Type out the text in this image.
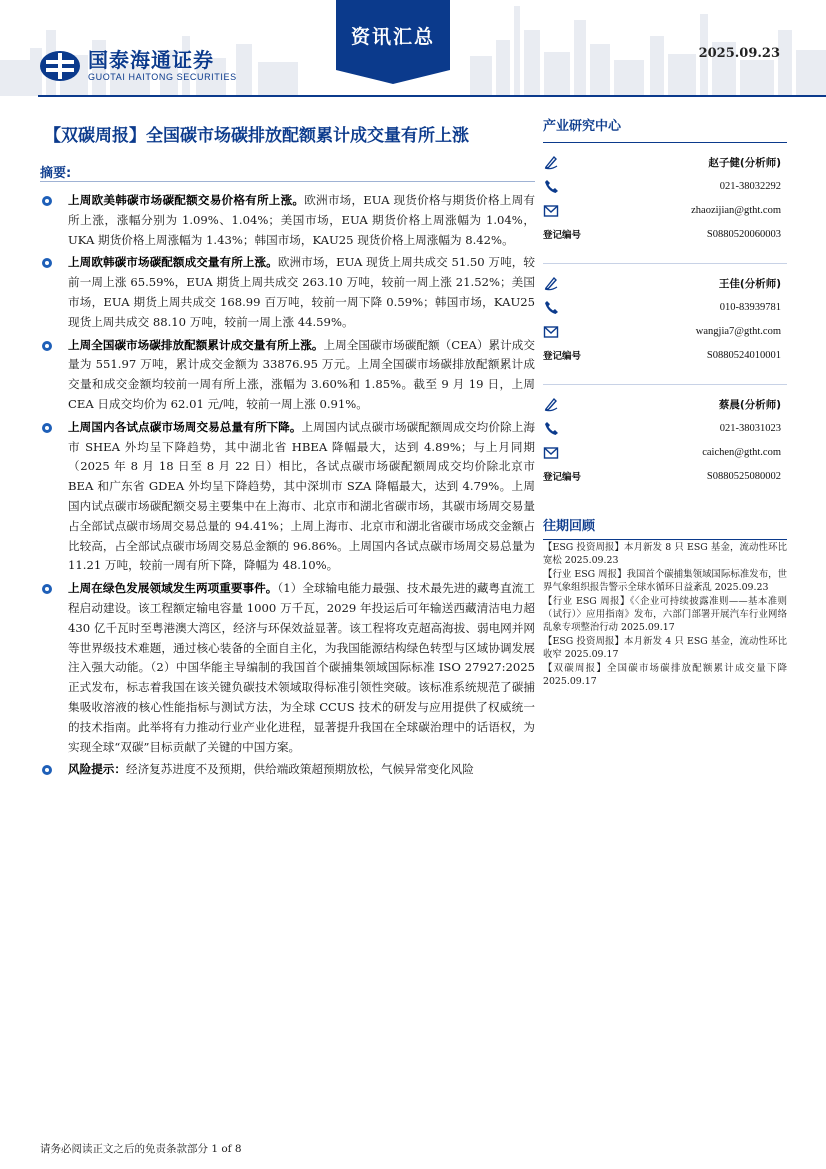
国泰海通证券
GUOTAI HAITONG SECURITIES
资讯汇总
2025.09.23
【双碳周报】全国碳市场碳排放配额累计成交量有所上涨
摘要:
上周欧美韩碳市场碳配额交易价格有所上涨。欧洲市场，EUA 现货价格与期货价格上周有所上涨，涨幅分别为 1.09%、1.04%；美国市场，EUA 期货价格上周涨幅为 1.04%，UKA 期货价格上周涨幅为 1.43%；韩国市场，KAU25 现货价格上周涨幅为 8.42%。
上周欧韩碳市场碳配额成交量有所上涨。欧洲市场，EUA 现货上周共成交 51.50 万吨，较前一周上涨 65.59%，EUA 期货上周共成交 263.10 万吨，较前一周上涨 21.52%；美国市场，EUA 期货上周共成交 168.99 百万吨，较前一周下降 0.59%；韩国市场，KAU25 现货上周共成交 88.10 万吨，较前一周上涨 44.59%。
上周全国碳市场碳排放配额累计成交量有所上涨。上周全国碳市场碳配额（CEA）累计成交量为 551.97 万吨，累计成交金额为 33876.95 万元。上周全国碳市场碳排放配额累计成交量和成交金额均较前一周有所上涨，涨幅为 3.60%和 1.85%。截至 9 月 19 日，上周 CEA 日成交均价为 62.01 元/吨，较前一周上涨 0.91%。
上周国内各试点碳市场周交易总量有所下降。上周国内试点碳市场碳配额周成交均价除上海市 SHEA 外均呈下降趋势，其中湖北省 HBEA 降幅最大，达到 4.89%；与上月同期（2025 年 8 月 18 日至 8 月 22 日）相比，各试点碳市场碳配额周成交均价除北京市 BEA 和广东省 GDEA 外均呈下降趋势，其中深圳市 SZA 降幅最大，达到 4.79%。上周国内试点碳市场碳配额交易主要集中在上海市、北京市和湖北省碳市场，其碳市场周交易量占全部试点碳市场周交易总量的 94.41%；上周上海市、北京市和湖北省碳市场成交金额占比较高，占全部试点碳市场周交易总金额的 96.86%。上周国内各试点碳市场周交易总量为 11.21 万吨，较前一周有所下降，降幅为 48.10%。
上周在绿色发展领域发生两项重要事件。（1）全球输电能力最强、技术最先进的藏粤直流工程启动建设。该工程额定输电容量 1000 万千瓦，2029 年投运后可年输送西藏清洁电力超 430 亿千瓦时至粤港澳大湾区，经济与环保效益显著。该工程将攻克超高海拔、弱电网并网等世界级技术难题，通过核心装备的全面自主化，为我国能源结构绿色转型与区域协调发展注入强大动能。（2）中国华能主导编制的我国首个碳捕集领域国际标准 ISO 27927:2025 正式发布，标志着我国在该关键负碳技术领域取得标准引领性突破。该标准系统规范了碳捕集吸收溶液的核心性能指标与测试方法，为全球 CCUS 技术的研发与应用提供了权威统一的技术指南。此举将有力推动行业产业化进程，显著提升我国在全球碳治理中的话语权，为实现全球“双碳”目标贡献了关键的中国方案。
风险提示：经济复苏进度不及预期，供给端政策超预期放松，气候异常变化风险
产业研究中心
赵子健(分析师)
021-38032292
zhaozijian@gtht.com
登记编号	S0880520060003
王佳(分析师)
010-83939781
wangjia7@gtht.com
登记编号	S0880524010001
蔡晨(分析师)
021-38031023
caichen@gtht.com
登记编号	S0880525080002
往期回顾
【ESG 投资周报】本月新发 8 只 ESG 基金，流动性环比宽松 2025.09.23
【行业 ESG 周报】我国首个碳捕集领域国际标准发布，世界气象组织报告警示全球水循环日益紊乱 2025.09.23
【行业 ESG 周报】《〈企业可持续披露准则——基本准则（试行）〉应用指南》发布，六部门部署开展汽车行业网络乱象专项整治行动 2025.09.17
【ESG 投资周报】本月新发 4 只 ESG 基金，流动性环比收窄 2025.09.17
【双碳周报】全国碳市场碳排放配额累计成交量下降 2025.09.17
请务必阅读正文之后的免责条款部分 1 of 8
